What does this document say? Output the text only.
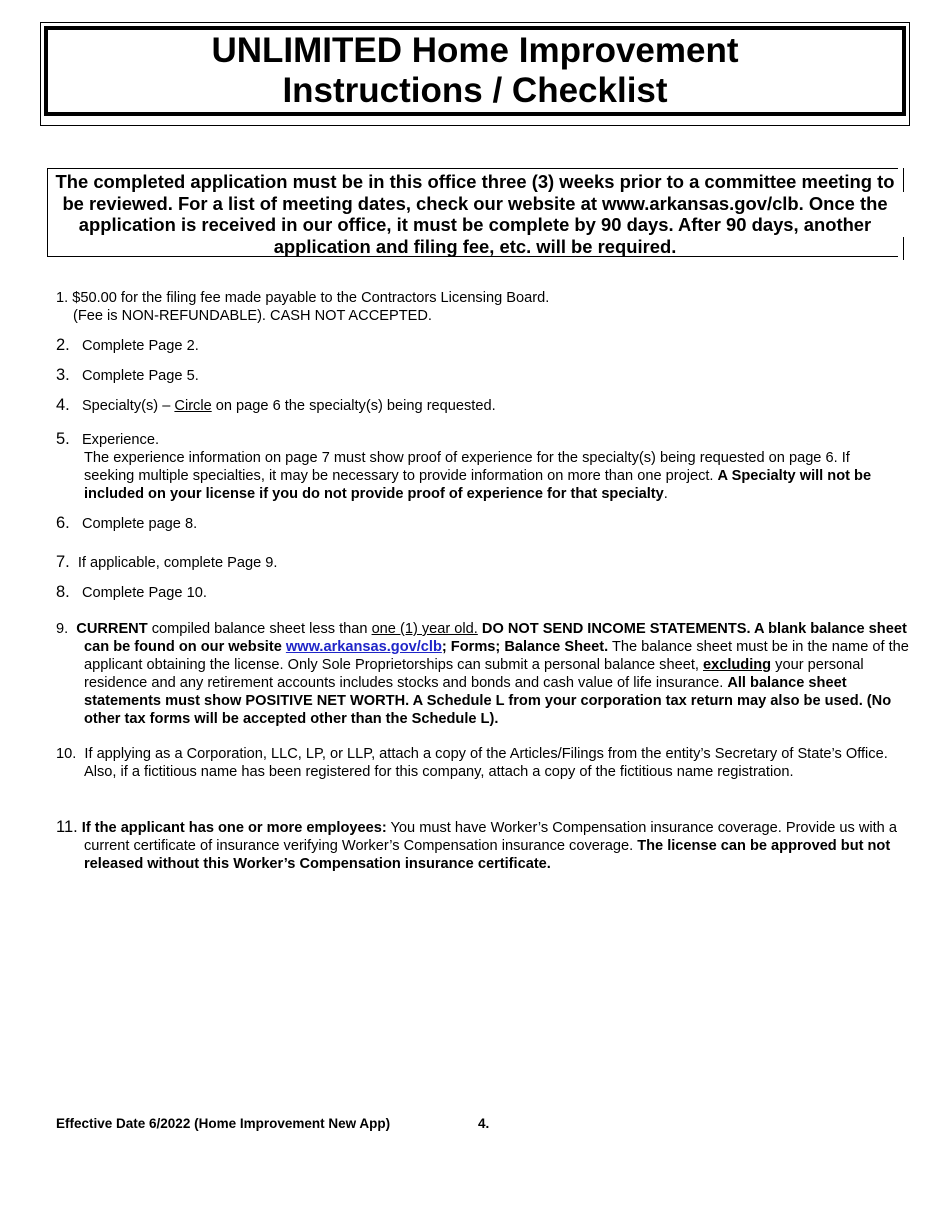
UNLIMITED Home Improvement
Instructions / Checklist
The completed application must be in this office three (3) weeks prior to a committee meeting to be reviewed. For a list of meeting dates, check our website at www.arkansas.gov/clb. Once the application is received in our office, it must be complete by 90 days. After 90 days, another application and filing fee, etc. will be required.
1. $50.00 for the filing fee made payable to the Contractors Licensing Board.
(Fee is NON-REFUNDABLE). CASH NOT ACCEPTED.
2. Complete Page 2.
3. Complete Page 5.
4. Specialty(s) – Circle on page 6 the specialty(s) being requested.
5. Experience.
The experience information on page 7 must show proof of experience for the specialty(s) being requested on page 6. If seeking multiple specialties, it may be necessary to provide information on more than one project. A Specialty will not be included on your license if you do not provide proof of experience for that specialty.
6. Complete page 8.
7. If applicable, complete Page 9.
8. Complete Page 10.
9. CURRENT compiled balance sheet less than one (1) year old. DO NOT SEND INCOME STATEMENTS. A blank balance sheet can be found on our website www.arkansas.gov/clb; Forms; Balance Sheet. The balance sheet must be in the name of the applicant obtaining the license. Only Sole Proprietorships can submit a personal balance sheet, excluding your personal residence and any retirement accounts includes stocks and bonds and cash value of life insurance. All balance sheet statements must show POSITIVE NET WORTH. A Schedule L from your corporation tax return may also be used. (No other tax forms will be accepted other than the Schedule L).
10. If applying as a Corporation, LLC, LP, or LLP, attach a copy of the Articles/Filings from the entity’s Secretary of State’s Office. Also, if a fictitious name has been registered for this company, attach a copy of the fictitious name registration.
11. If the applicant has one or more employees: You must have Worker’s Compensation insurance coverage. Provide us with a current certificate of insurance verifying Worker’s Compensation insurance coverage. The license can be approved but not released without this Worker’s Compensation insurance certificate.
Effective Date 6/2022 (Home Improvement New App)	4.
